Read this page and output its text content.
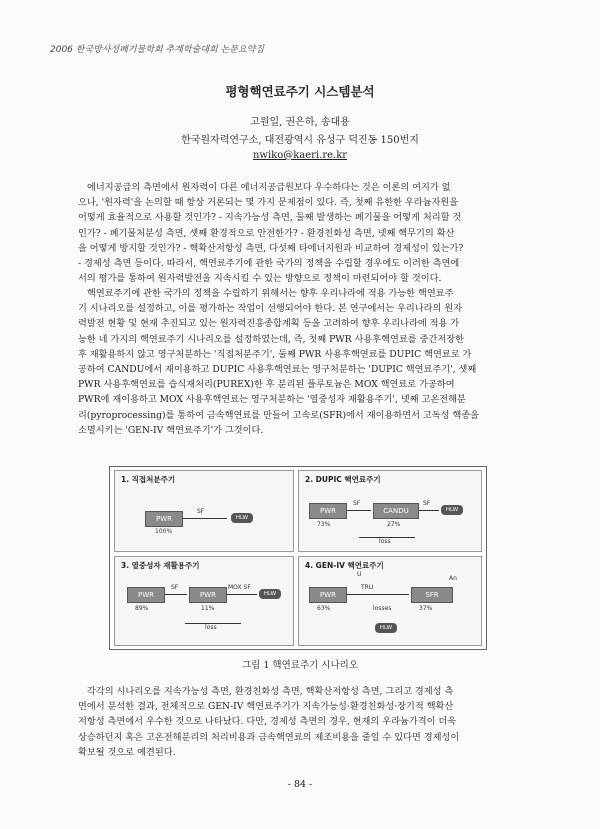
2006 한국방사성폐기물학회 추계학술대회 논문요약집
평형핵연료주기 시스템분석
고원일, 권은하, 송대용
한국원자력연구소, 대전광역시 유성구 덕진동 150번지
nwiko@kaeri.re.kr
에너지공급의 측면에서 원자력이 다른 에너지공급원보다 우수하다는 것은 이론의 여지가 없
으나, '원자력'을 논의할 때 항상 거론되는 몇 가지 문제점이 있다. 즉, 첫째 유한한 우라늄자원을
어떻게 효율적으로 사용할 것인가? - 지속가능성 측면, 둘째 발생하는 폐기물을 어떻게 처리할 것
인가? - 폐기물처분성 측면, 셋째 환경적으로 안전한가? - 환경친화성 측면, 넷째 핵무기의 확산
을 어떻게 방지할 것인가? - 핵확산저항성 측면, 다섯째 타에너지원과 비교하여 경제성이 있는가?
- 경제성 측면 등이다. 따라서, 핵연료주기에 관한 국가의 정책을 수립할 경우에도 이러한 측면에
서의 평가를 통하여 원자력발전을 지속시킬 수 있는 방향으로 정책이 마련되어야 할 것이다.
핵연료주기에 관한 국가의 정책을 수립하기 위해서는 향후 우리나라에 적용 가능한 핵연료주
기 시나리오를 설정하고, 이를 평가하는 작업이 선행되어야 한다. 본 연구에서는 우리나라의 원자
력발전 현황 및 현재 추진되고 있는 원자력진흥종합계획 등을 고려하여 향후 우리나라에 적용 가
능한 네 가지의 핵연료주기 시나리오를 설정하였는데, 즉, 첫째 PWR 사용후핵연료를 중간저장한
후 재활용하지 않고 영구처분하는 '직접처분주기', 둘째 PWR 사용후핵연료를 DUPIC 핵연료로 가
공하여 CANDU에서 재이용하고 DUPIC 사용후핵연료는 영구처분하는 'DUPIC 핵연료주기', 셋째
PWR 사용후핵연료를 습식재처리(PUREX)한 후 분리된 플루토늄은 MOX 핵연료로 가공하여
PWR에 재이용하고 MOX 사용후핵연료는 영구처분하는 '열중성자 재활용주기', 넷째 고온전해분
리(pyroprocessing)를 통하여 금속핵연료를 만들어 고속로(SFR)에서 재이용하면서 고독성 핵종을
소멸시키는 'GEN-IV 핵연료주기'가 그것이다.
1. 직접처분주기
PWR
SF
HLW
100%
2. DUPIC 핵연료주기
PWR
SF
CANDU
SF
HLW
73%	27%
loss
3. 열중성자 재활용주기
PWR
SF
PWR
MOX SF
HLW
89%	11%
loss
4. GEN-IV 핵연료주기
U
An
PWR
TRU
SFR
63%	37%
losses
HLW
그림 1 핵연료주기 시나리오
각각의 시나리오를 지속가능성 측면, 환경친화성 측면, 핵확산저항성 측면, 그리고 경제성 측
면에서 분석한 결과, 전체적으로 GEN-IV 핵연료주기가 지속가능성·환경친화성·장기적 핵확산
저항성 측면에서 우수한 것으로 나타났다. 다만, 경제성 측면의 경우, 현재의 우라늄가격이 더욱
상승하던지 혹은 고온전해분리의 처리비용과 금속핵연료의 제조비용을 줄일 수 있다면 경제성이
확보될 것으로 예견된다.
- 84 -
